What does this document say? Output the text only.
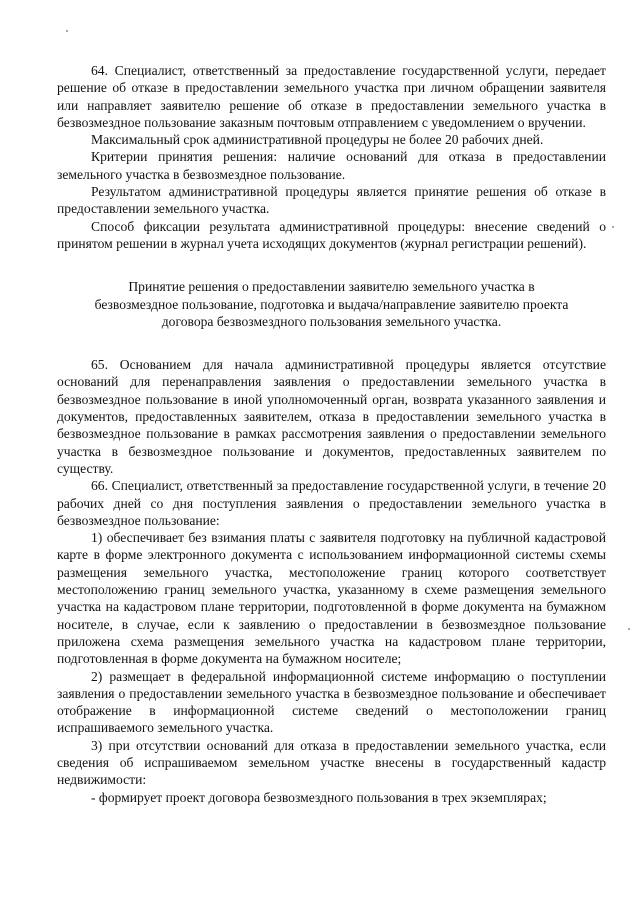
64. Специалист, ответственный за предоставление государственной услуги, передает решение об отказе в предоставлении земельного участка при личном обращении заявителя или направляет заявителю решение об отказе в предоставлении земельного участка в безвозмездное пользование заказным почтовым отправлением с уведомлением о вручении.

Максимальный срок административной процедуры не более 20 рабочих дней.

Критерии принятия решения: наличие оснований для отказа в предоставлении земельного участка в безвозмездное пользование.

Результатом административной процедуры является принятие решения об отказе в предоставлении земельного участка.

Способ фиксации результата административной процедуры: внесение сведений о принятом решении в журнал учета исходящих документов (журнал регистрации решений).

Принятие решения о предоставлении заявителю земельного участка в безвозмездное пользование, подготовка и выдача/направление заявителю проекта договора безвозмездного пользования земельного участка.

65. Основанием для начала административной процедуры является отсутствие оснований для перенаправления заявления о предоставлении земельного участка в безвозмездное пользование в иной уполномоченный орган, возврата указанного заявления и документов, предоставленных заявителем, отказа в предоставлении земельного участка в безвозмездное пользование в рамках рассмотрения заявления о предоставлении земельного участка в безвозмездное пользование и документов, предоставленных заявителем по существу.

66. Специалист, ответственный за предоставление государственной услуги, в течение 20 рабочих дней со дня поступления заявления о предоставлении земельного участка в безвозмездное пользование:

1) обеспечивает без взимания платы с заявителя подготовку на публичной кадастровой карте в форме электронного документа с использованием информационной системы схемы размещения земельного участка, местоположение границ которого соответствует местоположению границ земельного участка, указанному в схеме размещения земельного участка на кадастровом плане территории, подготовленной в форме документа на бумажном носителе, в случае, если к заявлению о предоставлении в безвозмездное пользование приложена схема размещения земельного участка на кадастровом плане территории, подготовленная в форме документа на бумажном носителе;

2) размещает в федеральной информационной системе информацию о поступлении заявления о предоставлении земельного участка в безвозмездное пользование и обеспечивает отображение в информационной системе сведений о местоположении границ испрашиваемого земельного участка.

3) при отсутствии оснований для отказа в предоставлении земельного участка, если сведения об испрашиваемом земельном участке внесены в государственный кадастр недвижимости:

- формирует проект договора безвозмездного пользования в трех экземплярах;
